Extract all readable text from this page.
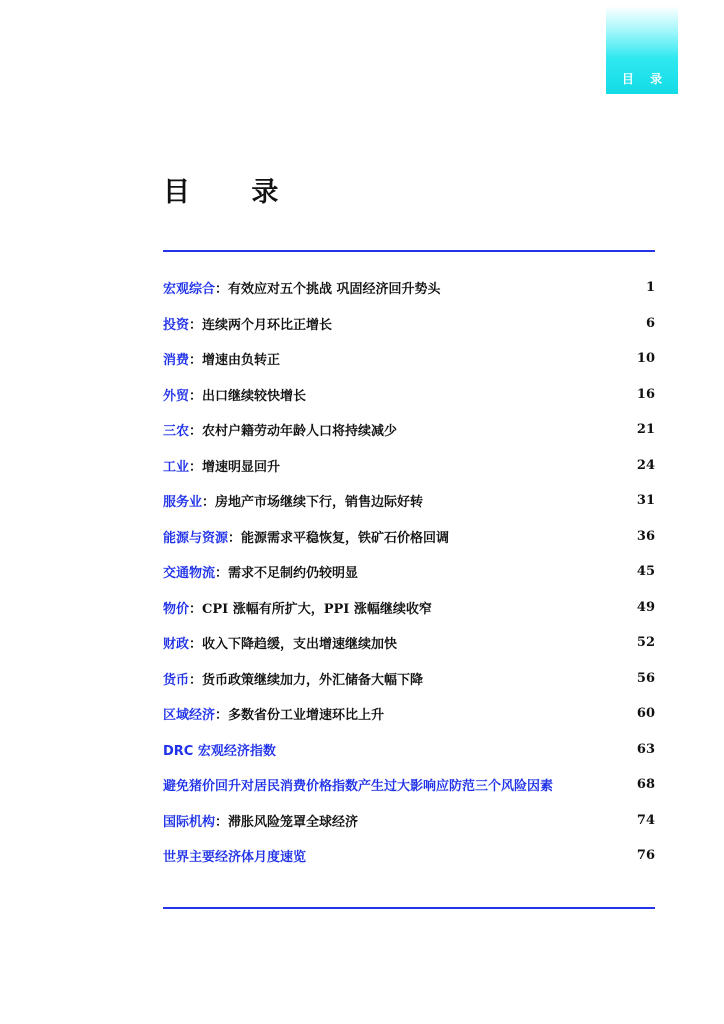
目 录
目 录
宏观综合：有效应对五个挑战 巩固经济回升势头	1
投资：连续两个月环比正增长	6
消费：增速由负转正	10
外贸：出口继续较快增长	16
三农：农村户籍劳动年龄人口将持续减少	21
工业：增速明显回升	24
服务业：房地产市场继续下行，销售边际好转	31
能源与资源：能源需求平稳恢复，铁矿石价格回调	36
交通物流：需求不足制约仍较明显	45
物价：CPI 涨幅有所扩大，PPI 涨幅继续收窄	49
财政：收入下降趋缓，支出增速继续加快	52
货币：货币政策继续加力，外汇储备大幅下降	56
区域经济：多数省份工业增速环比上升	60
DRC 宏观经济指数	63
避免猪价回升对居民消费价格指数产生过大影响应防范三个风险因素	68
国际机构：滞胀风险笼罩全球经济	74
世界主要经济体月度速览	76
